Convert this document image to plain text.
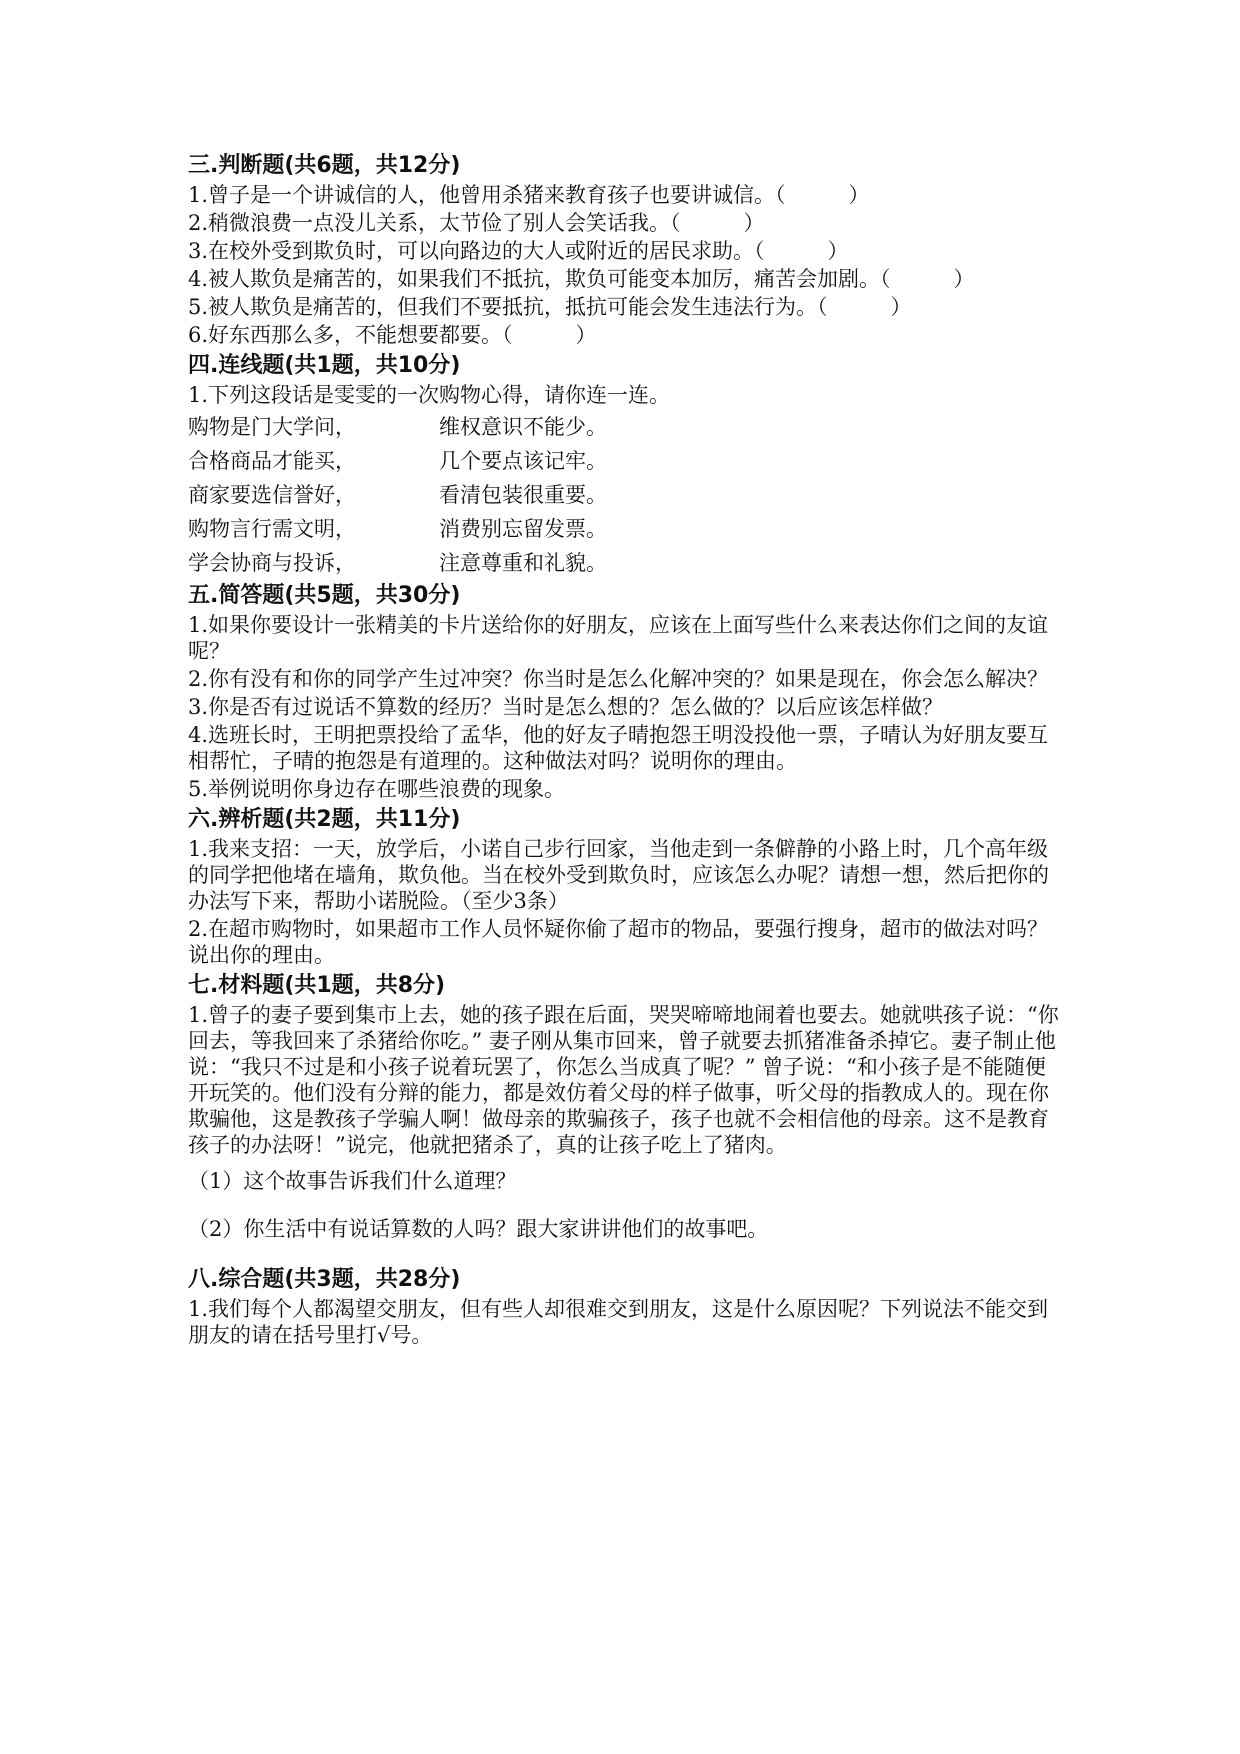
三.判断题(共6题，共12分)

1.曾子是一个讲诚信的人，他曾用杀猪来教育孩子也要讲诚信。（　　　）

2.稍微浪费一点没儿关系，太节俭了别人会笑话我。（　　　）

3.在校外受到欺负时，可以向路边的大人或附近的居民求助。（　　　）

4.被人欺负是痛苦的，如果我们不抵抗，欺负可能变本加厉，痛苦会加剧。（　　　）

5.被人欺负是痛苦的，但我们不要抵抗，抵抗可能会发生违法行为。（　　　）

6.好东西那么多，不能想要都要。（　　　）

四.连线题(共1题，共10分)

1.下列这段话是雯雯的一次购物心得，请你连一连。

购物是门大学问，	维权意识不能少。
合格商品才能买，	几个要点该记牢。
商家要选信誉好，	看清包装很重要。
购物言行需文明，	消费别忘留发票。
学会协商与投诉，	注意尊重和礼貌。

五.简答题(共5题，共30分)

1.如果你要设计一张精美的卡片送给你的好朋友，应该在上面写些什么来表达你们之间的友谊呢？

2.你有没有和你的同学产生过冲突？你当时是怎么化解冲突的？如果是现在，你会怎么解决？

3.你是否有过说话不算数的经历？当时是怎么想的？怎么做的？以后应该怎样做？

4.选班长时，王明把票投给了孟华，他的好友子晴抱怨王明没投他一票，子晴认为好朋友要互相帮忙，子晴的抱怨是有道理的。这种做法对吗？说明你的理由。

5.举例说明你身边存在哪些浪费的现象。

六.辨析题(共2题，共11分)

1.我来支招：一天，放学后，小诺自己步行回家，当他走到一条僻静的小路上时，几个高年级的同学把他堵在墙角，欺负他。当在校外受到欺负时，应该怎么办呢？请想一想，然后把你的办法写下来，帮助小诺脱险。（至少3条）

2.在超市购物时，如果超市工作人员怀疑你偷了超市的物品，要强行搜身，超市的做法对吗？说出你的理由。

七.材料题(共1题，共8分)

1.曾子的妻子要到集市上去，她的孩子跟在后面，哭哭啼啼地闹着也要去。她就哄孩子说：“你回去，等我回来了杀猪给你吃。” 妻子刚从集市回来，曾子就要去抓猪准备杀掉它。妻子制止他说：“我只不过是和小孩子说着玩罢了，你怎么当成真了呢？” 曾子说：“和小孩子是不能随便开玩笑的。他们没有分辩的能力，都是效仿着父母的样子做事，听父母的指教成人的。现在你欺骗他，这是教孩子学骗人啊！做母亲的欺骗孩子，孩子也就不会相信他的母亲。这不是教育孩子的办法呀！”说完，他就把猪杀了，真的让孩子吃上了猪肉。

（1）这个故事告诉我们什么道理？

（2）你生活中有说话算数的人吗？跟大家讲讲他们的故事吧。

八.综合题(共3题，共28分)

1.我们每个人都渴望交朋友，但有些人却很难交到朋友，这是什么原因呢？下列说法不能交到朋友的请在括号里打√号。
